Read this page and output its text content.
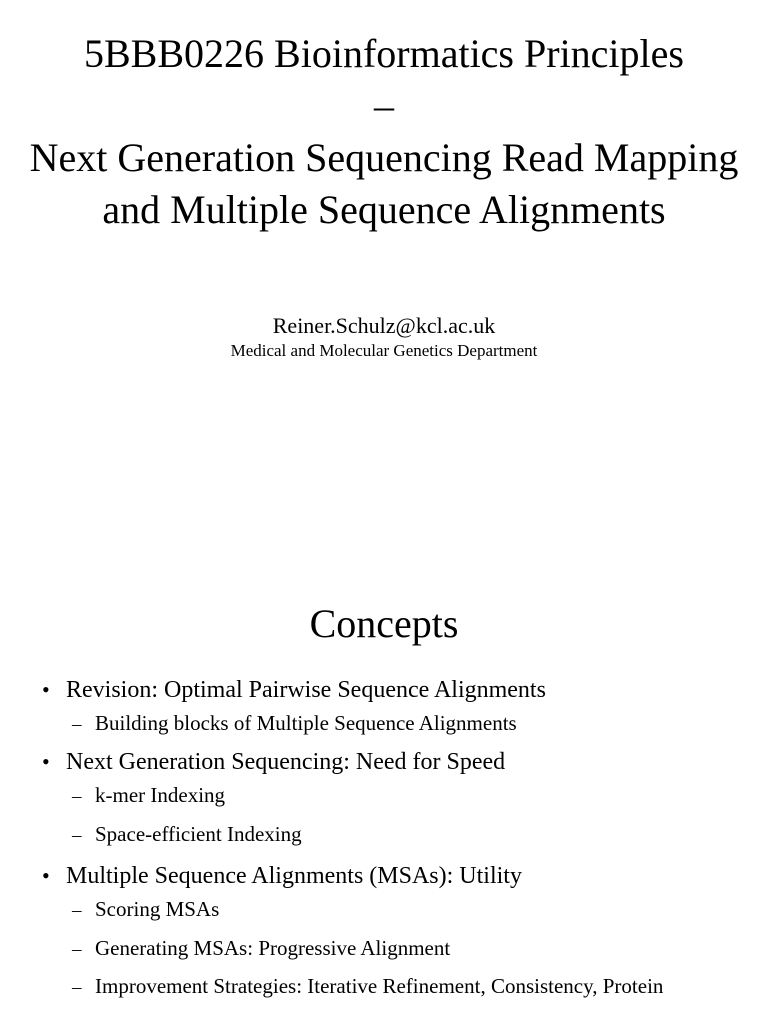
5BBB0226 Bioinformatics Principles
–
Next Generation Sequencing Read Mapping
and Multiple Sequence Alignments
Reiner.Schulz@kcl.ac.uk
Medical and Molecular Genetics Department
Concepts
• Revision: Optimal Pairwise Sequence Alignments
– Building blocks of Multiple Sequence Alignments
• Next Generation Sequencing: Need for Speed
– k-mer Indexing
– Space-efficient Indexing
• Multiple Sequence Alignments (MSAs): Utility
– Scoring MSAs
– Generating MSAs: Progressive Alignment
– Improvement Strategies: Iterative Refinement, Consistency, Protein
